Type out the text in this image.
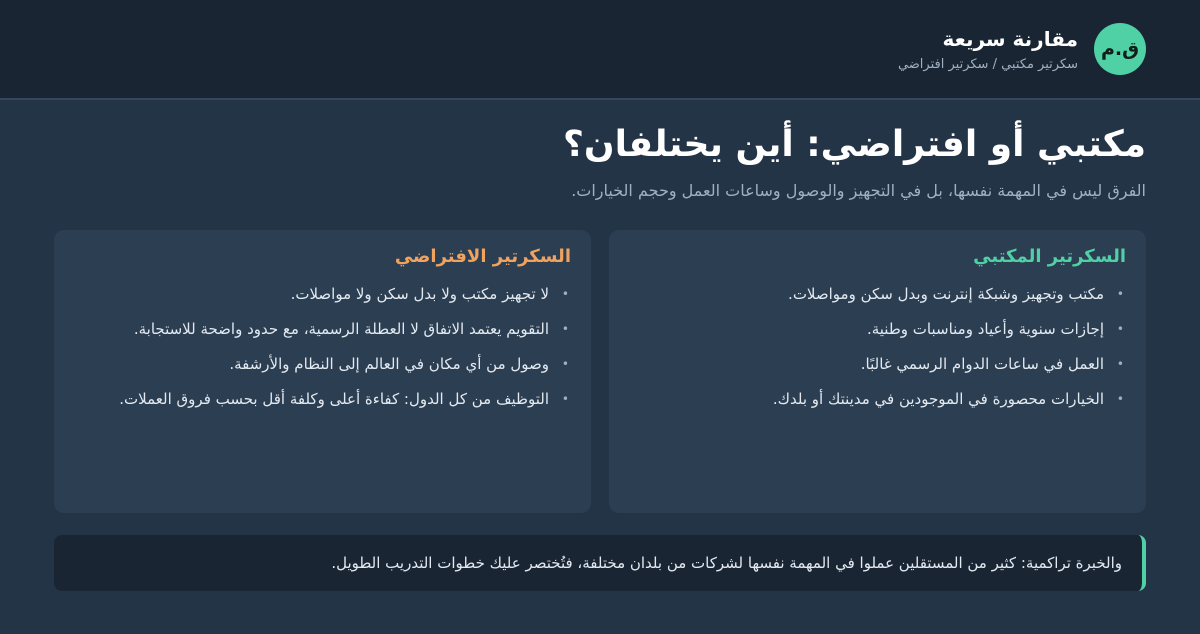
ق.م
مقارنة سريعة
سكرتير مكتبي / سكرتير افتراضي
مكتبي أو افتراضي: أين يختلفان؟

الفرق ليس في المهمة نفسها، بل في التجهيز والوصول وساعات العمل وحجم الخيارات.

السكرتير المكتبي
•
مكتب وتجهيز وشبكة إنترنت وبدل سكن ومواصلات.
•
إجازات سنوية وأعياد ومناسبات وطنية.
•
العمل في ساعات الدوام الرسمي غالبًا.
•
الخيارات محصورة في الموجودين في مدينتك أو بلدك.
السكرتير الافتراضي
•
لا تجهيز مكتب ولا بدل سكن ولا مواصلات.
•
التقويم يعتمد الاتفاق لا العطلة الرسمية، مع حدود واضحة للاستجابة.
•
وصول من أي مكان في العالم إلى النظام والأرشفة.
•
التوظيف من كل الدول: كفاءة أعلى وكلفة أقل بحسب فروق العملات.
والخبرة تراكمية: كثير من المستقلين عملوا في المهمة نفسها لشركات من بلدان مختلفة، فتُختصر عليك خطوات التدريب الطويل.
